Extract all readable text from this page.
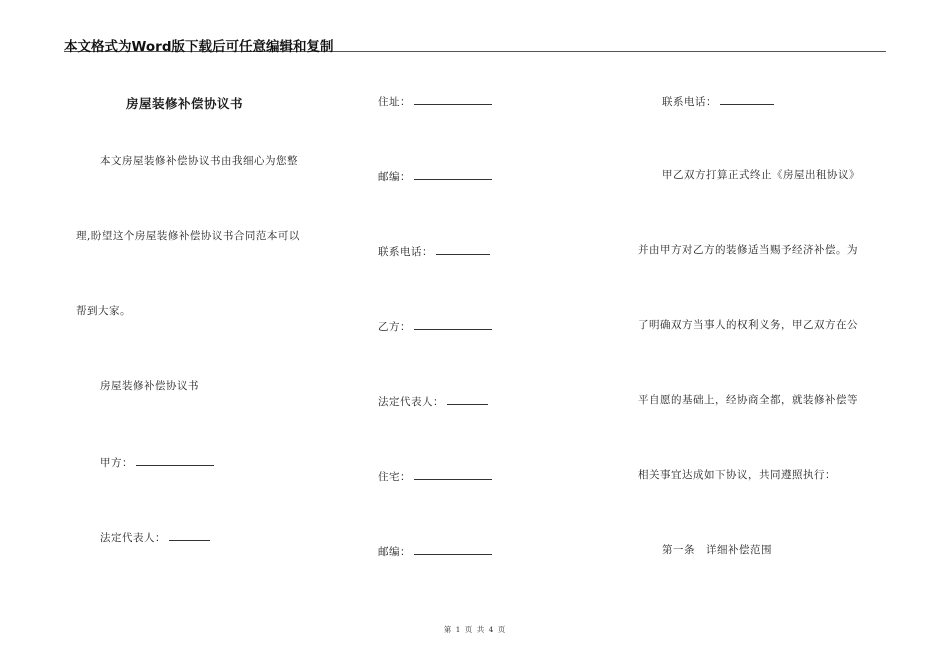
本文格式为Word版下载后可任意编辑和复制
房屋装修补偿协议书
本文房屋装修补偿协议书由我细心为您整
理,盼望这个房屋装修补偿协议书合同范本可以
帮到大家。
房屋装修补偿协议书
甲方：
法定代表人：
住址：
邮编：
联系电话：
乙方：
法定代表人：
住宅：
邮编：
联系电话：
甲乙双方打算正式终止《房屋出租协议》
并由甲方对乙方的装修适当赐予经济补偿。为
了明确双方当事人的权利义务，甲乙双方在公
平自愿的基础上，经协商全都，就装修补偿等
相关事宜达成如下协议，共同遵照执行：
第一条　详细补偿范围
第 1 页 共 4 页
